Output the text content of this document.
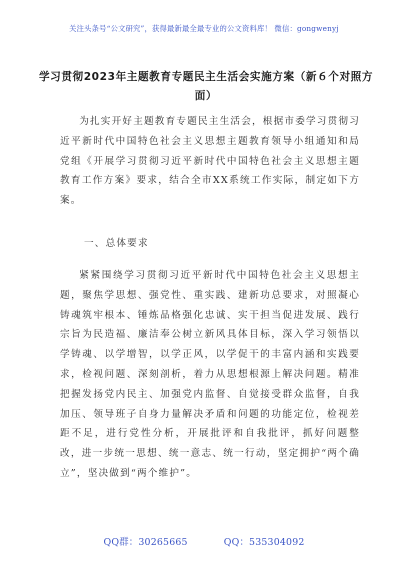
关注头条号“公文研究”，获得最新最全最专业的公文资料库！ 微信：gongwenyj
学习贯彻2023年主题教育专题民主生活会实施方案（新６个对照方面）

为扎实开好主题教育专题民主生活会，根据市委学习贯彻习近平新时代中国特色社会主义思想主题教育领导小组通知和局党组《开展学习贯彻习近平新时代中国特色社会主义思想主题教育工作方案》要求，结合全市XX系统工作实际，制定如下方案。

一、总体要求

紧紧围绕学习贯彻习近平新时代中国特色社会主义思想主题，聚焦学思想、强党性、重实践、建新功总要求，对照凝心铸魂筑牢根本、锤炼品格强化忠诚、实干担当促进发展、践行宗旨为民造福、廉洁奉公树立新风具体目标，深入学习领悟以学铸魂、以学增智，以学正风，以学促干的丰富内涵和实践要求，检视问题、深刻剖析，着力从思想根源上解决问题。精准把握发扬党内民主、加强党内监督、自觉接受群众监督，自我加压、领导班子自身力量解决矛盾和问题的功能定位，检视差距不足，进行党性分析，开展批评和自我批评，抓好问题整改，进一步统一思想、统一意志、统一行动，坚定拥护“两个确立”，坚决做到“两个维护”。

QQ群：30265665	QQ：535304092
